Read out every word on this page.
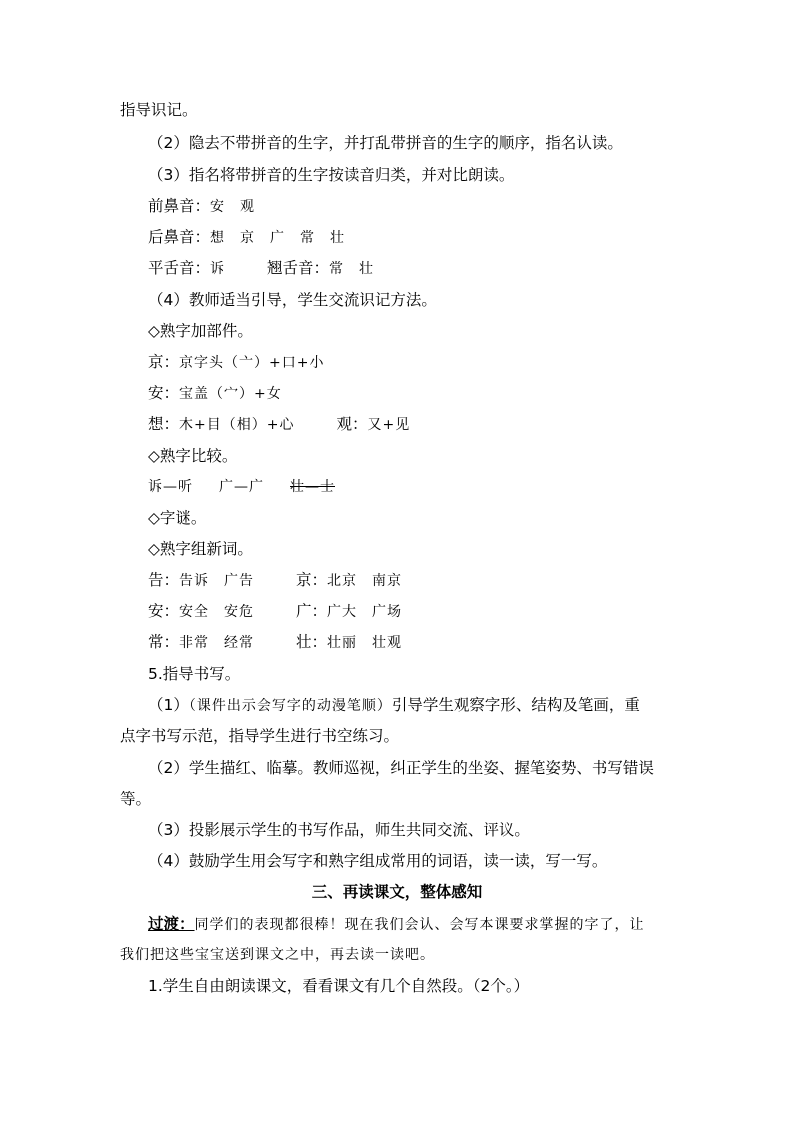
指导识记。
（2）隐去不带拼音的生字，并打乱带拼音的生字的顺序，指名认读。
（3）指名将带拼音的生字按读音归类，并对比朗读。
前鼻音：安　观
后鼻音：想　京　广　常　壮
平舌音：诉	翘舌音：常　壮
（4）教师适当引导，学生交流识记方法。
◇熟字加部件。
京：京字头（亠）+口+小
安：宝盖（宀）+女
想：木+目（相）+心	观：又+见
◇熟字比较。
诉—听 广—广 壮—士
◇字谜。
◇熟字组新词。
告：告诉　广告	京：北京　南京
安：安全　安危	广：广大　广场
常：非常　经常	壮：壮丽　壮观
5.指导书写。
（1）（课件出示会写字的动漫笔顺）引导学生观察字形、结构及笔画，重
点字书写示范，指导学生进行书空练习。
（2）学生描红、临摹。教师巡视，纠正学生的坐姿、握笔姿势、书写错误
等。
（3）投影展示学生的书写作品，师生共同交流、评议。
（4）鼓励学生用会写字和熟字组成常用的词语，读一读，写一写。
三、再读课文，整体感知
过渡：同学们的表现都很棒！现在我们会认、会写本课要求掌握的字了，让
我们把这些宝宝送到课文之中，再去读一读吧。
1.学生自由朗读课文，看看课文有几个自然段。（2个。）
